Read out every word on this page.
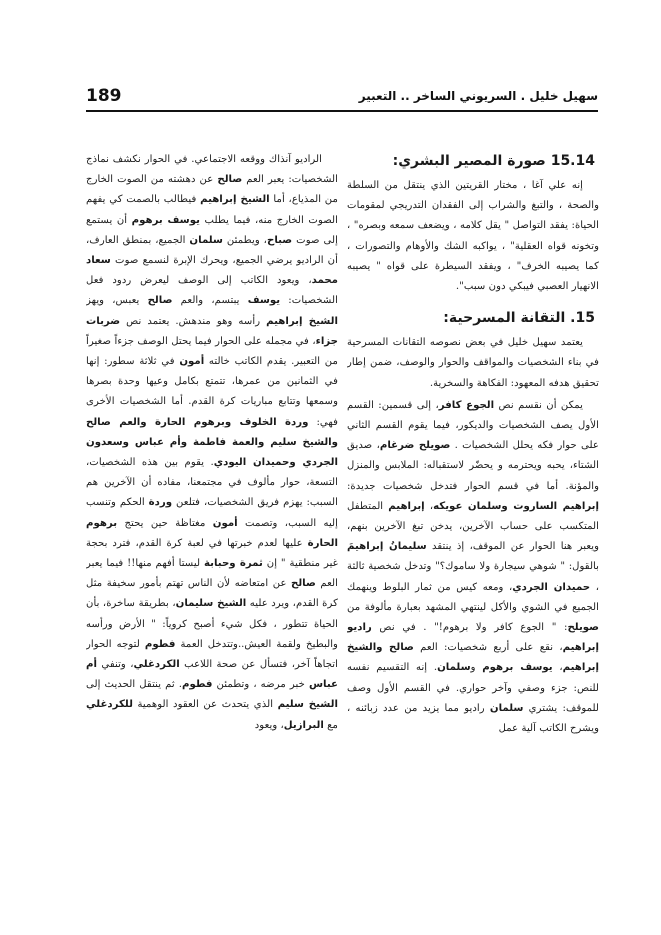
189	سهيل خليل . السريوني الساخر .. التعبير
15.14 صورة المصير البشري:

إنه علي آغا ، مختار القريتين الذي ينتقل من السلطة والصحة ، والتبغ والشراب إلى الفقدان التدريجي لمقومات الحياة: يفقد التواصل " يقل كلامه ، ويضعف سمعه وبصره" ، وتخونه قواه العقلية" ، يواكبه الشك والأوهام والتصورات ، كما يصيبه الخرف" ، ويفقد السيطرة على قواه " يصيبه الانهيار العصبي فيبكي دون سبب".

15. التقانة المسرحية:

يعتمد سهيل خليل في بعض نصوصه التقانات المسرحية في بناء الشخصيات والمواقف والحوار والوصف، ضمن إطار تحقيق هدفه المعهود: الفكاهة والسخرية.

يمكن أن نقسم نص الجوع كافر، إلى قسمين: القسم الأول يصف الشخصيات والديكور، فيما يقوم القسم الثاني على حوار فكه يحلل الشخصيات . صويلح ضرغام، صديق الشتاء، يحبه ويحترمه و يحضّر لاستقباله: الملابس والمنزل والمؤنة. أما في قسم الحوار فتدخل شخصيات جديدة: إبراهيم الساروت وسلمان عويكه، إبراهيم المتطفل المتكسب على حساب الآخرين، يدخن تبغ الآخرين بنهم، ويعبر هنا الحوار عن الموقف، إذ ينتقد سليمانُ إبراهيمَ بالقول: " شوهي سيجارة ولا ساموك؟" وتدخل شخصية ثالثة ، حميدان الجردي، ومعه كيس من ثمار البلوط وينهمك الجميع في الشوي والأكل لينتهي المشهد بعبارة مألوفة من صويلح: " الجوع كافر ولا برهوم!" . في نص راديو إبراهيم، نقع على أربع شخصيات: العم صالح والشيخ إبراهيم، يوسف برهوم وسلمان. إنه التقسيم نفسه للنص: جزء وصفي وآخر حواري. في القسم الأول وصف للموقف: يشتري سلمان راديو مما يزيد من عدد زبائنه ، ويشرح الكاتب آلية عمل

الراديو آنذاك ووقعه الاجتماعي. في الحوار نكشف نماذج الشخصيات: يعبر العم صالح عن دهشته من الصوت الخارج من المذياع، أما الشيخ إبراهيم فيطالب بالصمت كي يفهم الصوت الخارج منه، فيما يطلب يوسف برهوم أن يستمع إلى صوت صباح، ويطمئن سلمان الجميع، بمنطق العارف، أن الراديو يرضي الجميع، ويحرك الإبرة لنسمع صوت سعاد محمد، ويعود الكاتب إلى الوصف ليعرض ردود فعل الشخصيات: يوسف يبتسم، والعم صالح يعبس، ويهز الشيخ إبراهيم رأسه وهو مندهش. يعتمد نص ضربات جزاء، في مجمله على الحوار فيما يحتل الوصف جزءاً صغيراً من التعبير. يقدم الكاتب خالته أمون في ثلاثة سطور: إنها في الثمانين من عمرها، تتمتع بكامل وعيها وحدة بصرها وسمعها وتتابع مباريات كرة القدم. أما الشخصيات الأخرى فهي: وردة الخلوف وبرهوم الحارة والعم صالح والشيخ سليم والعمة فاطمة وأم عباس وسعدون الجردي وحميدان اليودي. يقوم بين هذه الشخصيات، التسعة، حوار مألوف في مجتمعنا، مفاده أن الآخرين هم السبب: يهزم فريق الشخصيات، فتلعن وردة الحكم وتنسب إليه السبب، وتصمت أمون مغتاظة حين يحتج برهوم الحارة عليها لعدم خبرتها في لعبة كرة القدم، فترد بحجة غير منطقية " إن ثمرة وحبابة ليستا أفهم منها!! فيما يعبر العم صالح عن امتعاضه لأن الناس تهتم بأمور سخيفة مثل كرة القدم، ويرد عليه الشيخ سليمان، بطريقة ساخرة، بأن الحياة تتطور ، فكل شيء أصبح كروياً: " الأرض ورأسه والبطيخ ولقمة العيش..وتتدخل العمة فطوم لتوجه الحوار اتجاهاً آخر، فتسأل عن صحة اللاعب الكردغلي، وتنفي أم عباس خبر مرضه ، وتطمئن فطوم. ثم ينتقل الحديث إلى الشيخ سليم الذي يتحدث عن العقود الوهمية للكردغلي مع البرازيل، ويعود
